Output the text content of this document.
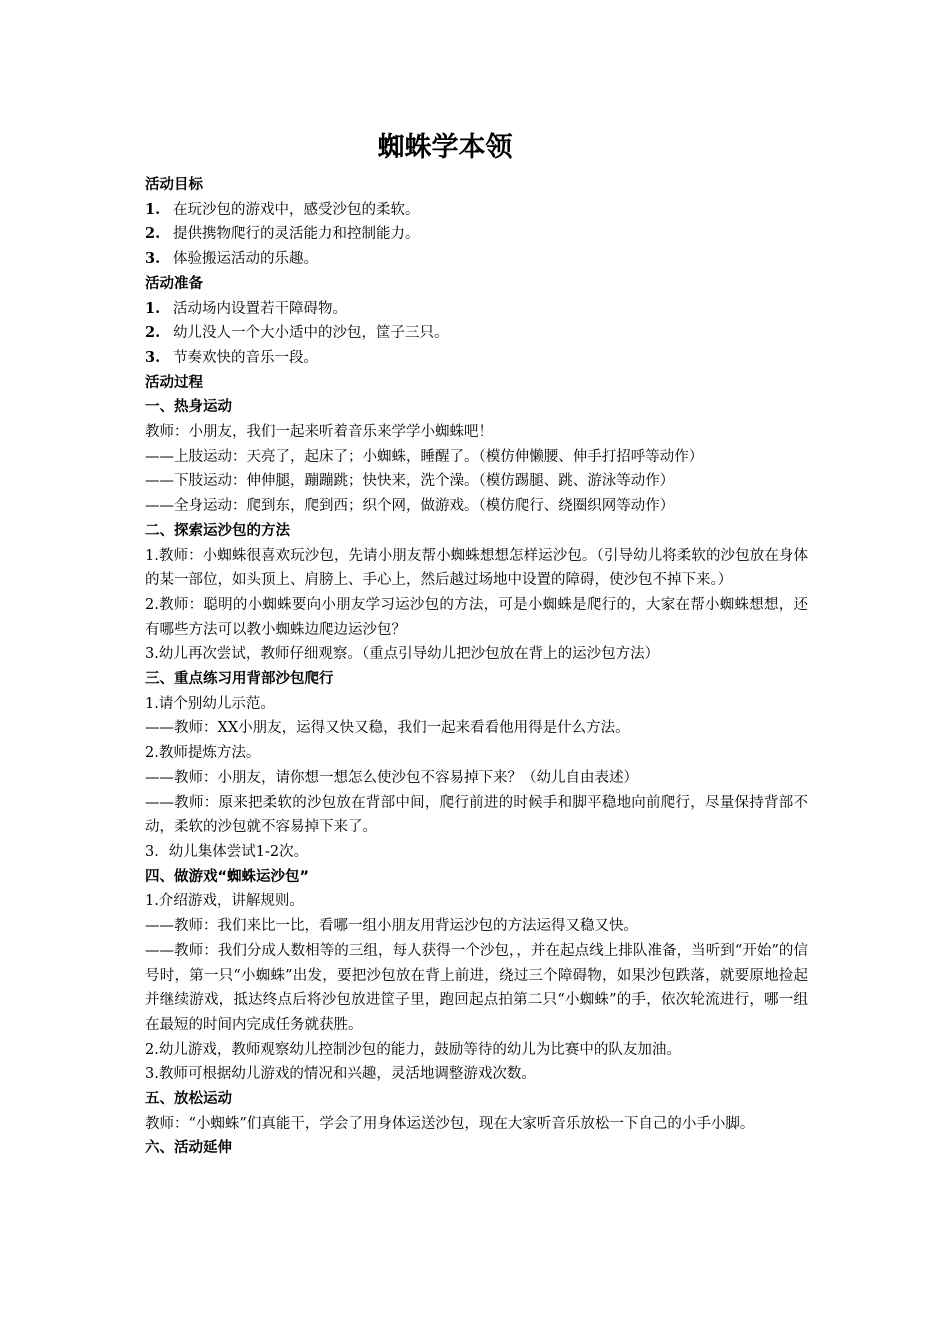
蜘蛛学本领

活动目标

1. 在玩沙包的游戏中，感受沙包的柔软。

2. 提供携物爬行的灵活能力和控制能力。

3. 体验搬运活动的乐趣。

活动准备

1. 活动场内设置若干障碍物。

2. 幼儿没人一个大小适中的沙包，筐子三只。

3. 节奏欢快的音乐一段。

活动过程

一、热身运动

教师：小朋友，我们一起来听着音乐来学学小蜘蛛吧！

——上肢运动：天亮了，起床了；小蜘蛛，睡醒了。（模仿伸懒腰、伸手打招呼等动作）

——下肢运动：伸伸腿，蹦蹦跳；快快来，洗个澡。（模仿踢腿、跳、游泳等动作）

——全身运动：爬到东，爬到西；织个网，做游戏。（模仿爬行、绕圈织网等动作）

二、探索运沙包的方法

1.教师：小蜘蛛很喜欢玩沙包，先请小朋友帮小蜘蛛想想怎样运沙包。（引导幼儿将柔软的沙包放在身体的某一部位，如头顶上、肩膀上、手心上，然后越过场地中设置的障碍，使沙包不掉下来。）

2.教师：聪明的小蜘蛛要向小朋友学习运沙包的方法，可是小蜘蛛是爬行的，大家在帮小蜘蛛想想，还有哪些方法可以教小蜘蛛边爬边运沙包？

3.幼儿再次尝试，教师仔细观察。（重点引导幼儿把沙包放在背上的运沙包方法）

三、重点练习用背部沙包爬行

1.请个别幼儿示范。

——教师：XX小朋友，运得又快又稳，我们一起来看看他用得是什么方法。

2.教师提炼方法。

——教师：小朋友，请你想一想怎么使沙包不容易掉下来？（幼儿自由表述）

——教师：原来把柔软的沙包放在背部中间，爬行前进的时候手和脚平稳地向前爬行，尽量保持背部不动，柔软的沙包就不容易掉下来了。

3．幼儿集体尝试1-2次。

四、做游戏“蜘蛛运沙包”

1.介绍游戏，讲解规则。

——教师：我们来比一比，看哪一组小朋友用背运沙包的方法运得又稳又快。

——教师：我们分成人数相等的三组，每人获得一个沙包，，并在起点线上排队准备，当听到“开始”的信号时，第一只“小蜘蛛”出发，要把沙包放在背上前进，绕过三个障碍物，如果沙包跌落，就要原地捡起并继续游戏，抵达终点后将沙包放进筐子里，跑回起点拍第二只“小蜘蛛”的手，依次轮流进行，哪一组在最短的时间内完成任务就获胜。

2.幼儿游戏，教师观察幼儿控制沙包的能力，鼓励等待的幼儿为比赛中的队友加油。

3.教师可根据幼儿游戏的情况和兴趣，灵活地调整游戏次数。

五、放松运动

教师：“小蜘蛛”们真能干，学会了用身体运送沙包，现在大家听音乐放松一下自己的小手小脚。

六、活动延伸
